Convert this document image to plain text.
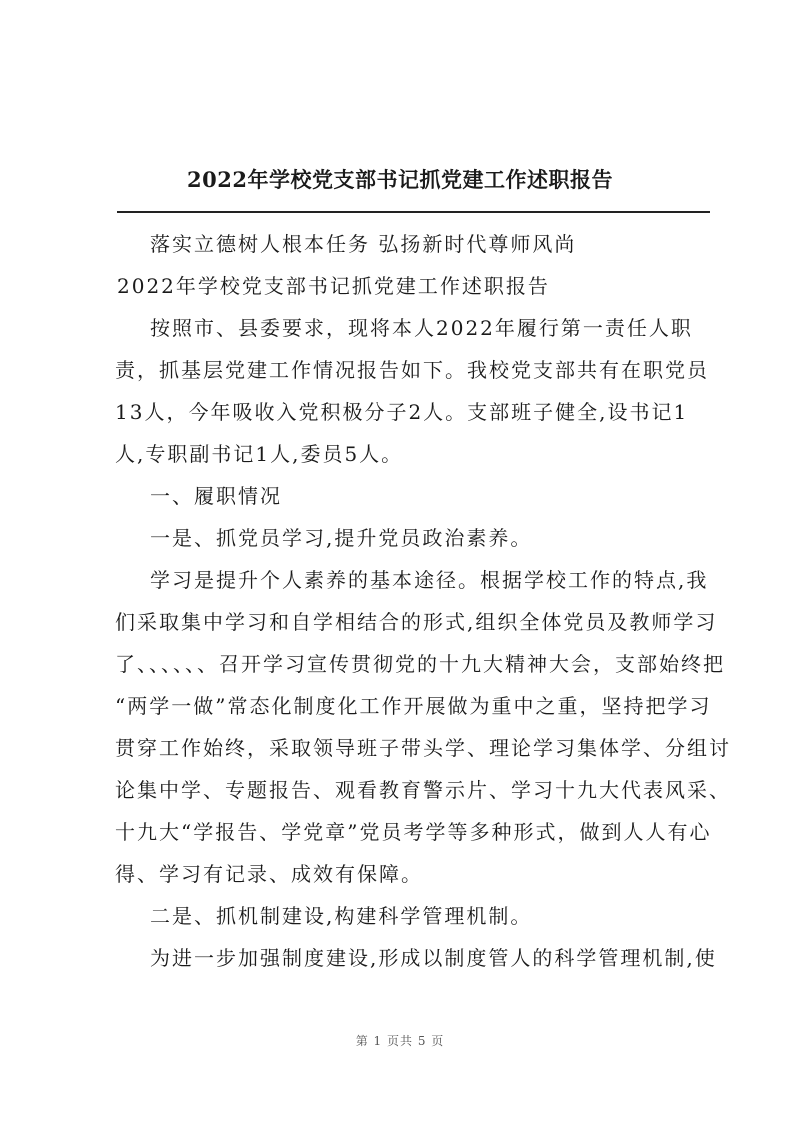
2022年学校党支部书记抓党建工作述职报告
落实立德树人根本任务 弘扬新时代尊师风尚
2022年学校党支部书记抓党建工作述职报告
按照市、县委要求，现将本人2022年履行第一责任人职
责，抓基层党建工作情况报告如下。我校党支部共有在职党员
13人，今年吸收入党积极分子2人。支部班子健全,设书记1
人,专职副书记1人,委员5人。
一、履职情况
一是、抓党员学习,提升党员政治素养。
学习是提升个人素养的基本途径。根据学校工作的特点,我
们采取集中学习和自学相结合的形式,组织全体党员及教师学习
了、、、、、、召开学习宣传贯彻党的十九大精神大会，支部始终把
“两学一做”常态化制度化工作开展做为重中之重，坚持把学习
贯穿工作始终，采取领导班子带头学、理论学习集体学、分组讨
论集中学、专题报告、观看教育警示片、学习十九大代表风采、
十九大“学报告、学党章”党员考学等多种形式，做到人人有心
得、学习有记录、成效有保障。
二是、抓机制建设,构建科学管理机制。
为进一步加强制度建设,形成以制度管人的科学管理机制,使
第 1 页共 5 页
